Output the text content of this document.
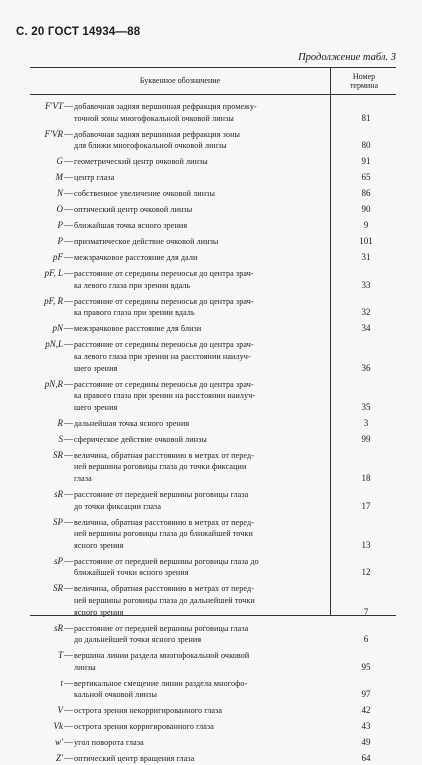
С. 20 ГОСТ 14934—88
Продолжение табл. 3
Буквенное обозначение	Номер
термина
F′VT — добавочная задняя вершинная рефракция промежу-
точной зоны многофокальной очковой линзы	81
F′VR — добавочная задняя вершинная рефракция зоны
для ближи многофокальной очковой линзы	80
G — геометрический центр очковой линзы	91
M — центр глаза	65
N — собственное увеличение очковой линзы	86
O — оптический центр очковой линзы	90
P — ближайшая точка ясного зрения	9
P — призматическое действие очковой линзы	101
pF — межзрачковое расстояние для дали	31
pF, L — расстояние от середины переносья до центра зрач-
ка левого глаза при зрении вдаль	33
pF, R — расстояние от середины переносья до центра зрач-
ка правого глаза при зрении вдаль	32
pN — межзрачковое расстояние для близи	34
pN,L — расстояние от середины переносья до центра зрач-
ка левого глаза при зрении на расстоянии наилуч-
шего зрения	36
pN,R — расстояние от середины переносья до центра зрач-
ка правого глаза при зрении на расстоянии наилуч-
шего зрения	35
R — дальнейшая точка ясного зрения	3
S — сферическое действие очковой линзы	99
SR — величина, обратная расстоянию в метрах от перед-
ней вершины роговицы глаза до точки фиксации
глаза	18
sR — расстояние от передней вершины роговицы глаза
до точки фиксации глаза	17
SP — величина, обратная расстоянию в метрах от перед-
ней вершины роговицы глаза до ближайшей точки
ясного зрения	13
sP — расстояние от передней вершины роговицы глаза до
ближайшей точки ясного зрения	12
SR — величина, обратная расстоянию в метрах от перед-
ней вершины роговицы глаза до дальнейшей точки
ясного зрения	7
sR — расстояние от передней вершины роговицы глаза
до дальнейшей точки ясного зрения	6
T — вершина линии раздела многофокальной очковой
линзы	95
t — вертикальное смещение линии раздела многофо-
кальной очковой линзы	97
V — острота зрения некорригированного глаза	42
Vk — острота зрения корригированного глаза	43
w′ — угол поворота глаза	49
Z′ — оптический центр вращения глаза	64
